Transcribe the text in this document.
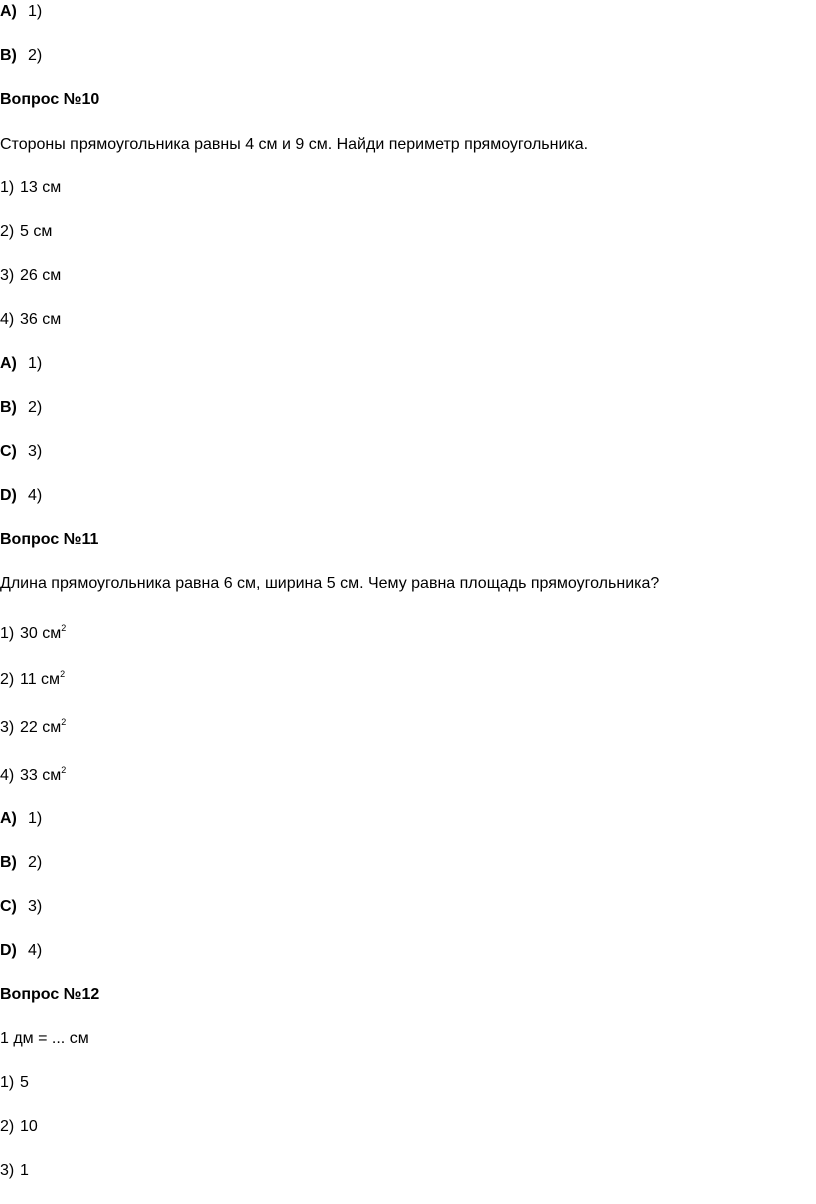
A) 1)
B) 2)
Вопрос №10
Стороны прямоугольника равны 4 см и 9 см. Найди периметр прямоугольника.
1) 13 см
2) 5 см
3) 26 см
4) 36 см
A) 1)
B) 2)
C) 3)
D) 4)
Вопрос №11
Длина прямоугольника равна 6 см, ширина 5 см. Чему равна площадь прямоугольника?
1) 30 $см^2$
2) 11 $см^2$
3) 22 $см^2$
4) 33 $см^2$
A) 1)
B) 2)
C) 3)
D) 4)
Вопрос №12
1 дм = ... см
1) 5
2) 10
3) 1
